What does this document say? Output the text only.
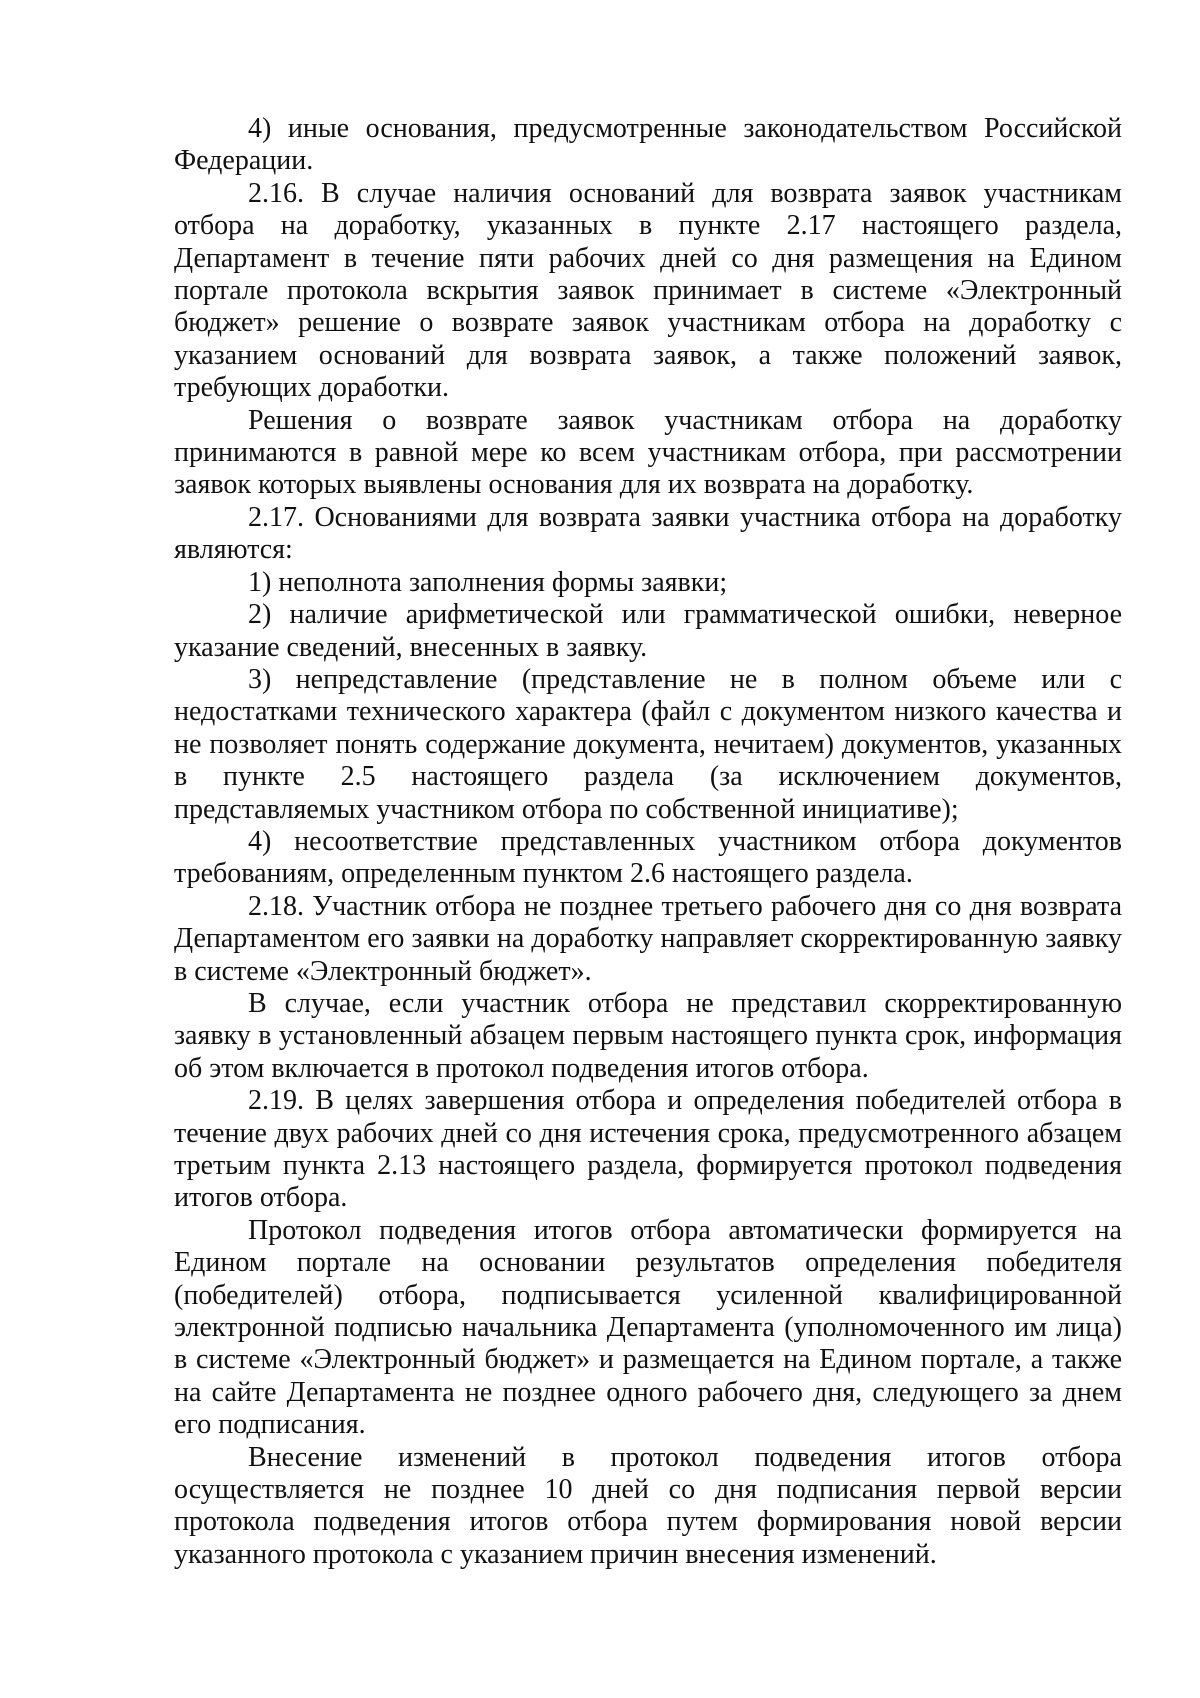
4) иные основания, предусмотренные законодательством Российской Федерации.

2.16. В случае наличия оснований для возврата заявок участникам отбора на доработку, указанных в пункте 2.17 настоящего раздела, Департамент в течение пяти рабочих дней со дня размещения на Едином портале протокола вскрытия заявок принимает в системе «Электронный бюджет» решение о возврате заявок участникам отбора на доработку с указанием оснований для возврата заявок, а также положений заявок, требующих доработки.

Решения о возврате заявок участникам отбора на доработку принимаются в равной мере ко всем участникам отбора, при рассмотрении заявок которых выявлены основания для их возврата на доработку.

2.17. Основаниями для возврата заявки участника отбора на доработку являются:

1) неполнота заполнения формы заявки;

2) наличие арифметической или грамматической ошибки, неверное указание сведений, внесенных в заявку.

3) непредставление (представление не в полном объеме или с недостатками технического характера (файл с документом низкого качества и не позволяет понять содержание документа, нечитаем) документов, указанных в пункте 2.5 настоящего раздела (за исключением документов, представляемых участником отбора по собственной инициативе);

4) несоответствие представленных участником отбора документов требованиям, определенным пунктом 2.6 настоящего раздела.

2.18. Участник отбора не позднее третьего рабочего дня со дня возврата Департаментом его заявки на доработку направляет скорректированную заявку в системе «Электронный бюджет».

В случае, если участник отбора не представил скорректированную заявку в установленный абзацем первым настоящего пункта срок, информация об этом включается в протокол подведения итогов отбора.

2.19. В целях завершения отбора и определения победителей отбора в течение двух рабочих дней со дня истечения срока, предусмотренного абзацем третьим пункта 2.13 настоящего раздела, формируется протокол подведения итогов отбора.

Протокол подведения итогов отбора автоматически формируется на Едином портале на основании результатов определения победителя (победителей) отбора, подписывается усиленной квалифицированной электронной подписью начальника Департамента (уполномоченного им лица) в системе «Электронный бюджет» и размещается на Едином портале, а также на сайте Департамента не позднее одного рабочего дня, следующего за днем его подписания.

Внесение изменений в протокол подведения итогов отбора осуществляется не позднее 10 дней со дня подписания первой версии протокола подведения итогов отбора путем формирования новой версии указанного протокола с указанием причин внесения изменений.
